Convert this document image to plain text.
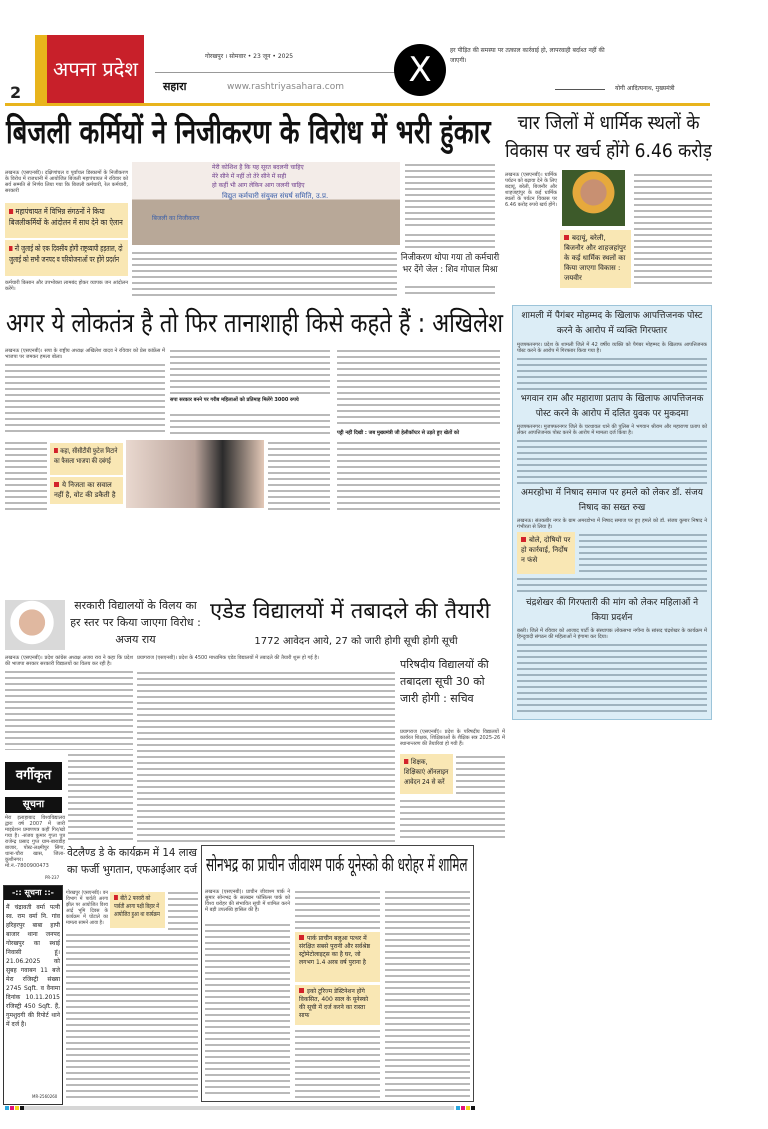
2
अपना प्रदेश
गोरखपुर । सोमवार • 23 जून • 2025
सहारा	www.rashtriyasahara.com	X	हर पीड़ित की समस्या पर तत्काल कार्रवाई हो, लापरवाही बर्दाश्त नहीं की जाएगी।
योगी आदित्यनाथ, मुख्यमंत्री
बिजली कर्मियों ने निजीकरण के विरोध में भरी हुंकार
लखनऊ (एसएनबी)। दक्षिणांचल व पूर्वांचल डिस्कामों के निजीकरण के विरोध में राजधानी में आयोजित बिजली महापंचायत में रविवार को सर्व सम्मति से निर्णय लिया गया कि बिजली कर्मचारी, रेल कर्मचारी, सरकारी
महापंचायत में विभिन्न संगठनों ने किया बिजलीकर्मियों के आंदोलन में साथ देने का ऐलान
नौ जुलाई को एक दिवसीय होगी राष्ट्रव्यापी हड़ताल, दो जुलाई को सभी जनपद व परियोजनाओं पर होंगे प्रदर्शन
कर्मचारी किसान और उपभोक्ता लामबंद होकर व्यापक जन आंदोलन करेंगे।
मेरी कोशिश है कि यह सूरत बदलनी चाहिए
मेरे सीने में नहीं तो तेरे सीने में सही
हो कहीं भी आग लेकिन आग जलनी चाहिए
विद्युत कर्मचारी संयुक्त संघर्ष समिति, उ.प्र.
बिजली का निजीकरण
निजीकरण थोपा गया तो कर्मचारी भर देंगे जेल : शिव गोपाल मिश्रा
चार जिलों में धार्मिक स्थलों के विकास पर खर्च होंगे 6.46 करोड़
लखनऊ (एसएनबी)। धार्मिक पर्यटन को बढ़ावा देने के लिए बदायूं, बरेली, बिजनौर और शाहजहांपुर के कई धार्मिक स्थलों के पर्यटन विकास पर 6.46 करोड़ रुपये खर्च होंगे।
बदायूं, बरेली, बिजनौर और शाहजहांपुर के कई धार्मिक स्थलों का किया जाएगा विकास : जयवीर
अगर ये लोकतंत्र है तो फिर तानाशाही किसे कहते हैं : अखिलेश
लखनऊ (एसएनबी)। सपा के राष्ट्रीय अध्यक्ष अखिलेश यादव ने रविवार को प्रेस कांफ्रेंस में भाजपा पर जमकर हमला बोला।
कहा, सीसीटीवी फुटेज मिटाने का फैसला भाजपा की दबंगई
ये निजता का सवाल नहीं है, वोट की डकैती है
सपा सरकार बनने पर गरीब महिलाओं को प्रतिमाह मिलेंगे 3000 रुपये
पट्टी नहीं दिखी : जब मुख्यमंत्री जी हेलीकॉप्टर से उड़ते हुए खेतों को
शामली में पैगंबर मोहम्मद के खिलाफ आपत्तिजनक पोस्ट करने के आरोप में व्यक्ति गिरफ्तार
मुजफ्फरनगर। प्रदेश के शामली जिले में 42 वर्षीय व्यक्ति को पैगंबर मोहम्मद के खिलाफ आपत्तिजनक पोस्ट करने के आरोप में गिरफ्तार किया गया है।
भगवान राम और महाराणा प्रताप के खिलाफ आपत्तिजनक पोस्ट करने के आरोप में दलित युवक पर मुकदमा
मुजफ्फरनगर। मुजफ्फरनगर जिले के चरथावल थाने की पुलिस ने भगवान श्रीराम और महाराणा प्रताप को लेकर आपत्तिजनक पोस्ट करने के आरोप में मामला दर्ज किया है।
अमरहोभा में निषाद समाज पर हमले को लेकर डॉ. संजय निषाद का सख्त रुख
लखनऊ। संतकबीर नगर के ग्राम अमरडोभा में निषाद समाज पर हुए हमले को डॉ. संजय कुमार निषाद ने गंभीरता से लिया है।
बोले, दोषियों पर हो कार्रवाई, निर्दोष न फंसे
चंद्रशेखर की गिरफ्तारी की मांग को लेकर महिलाओं ने किया प्रदर्शन
बस्ती। जिले में रविवार को आजाद पार्टी के संस्थापक लोकसभा नगीना के सांसद चंद्रशेखर के कार्यक्रम में हिन्दूवादी संगठन की महिलाओं ने हंगामा कर दिया।
सरकारी विद्यालयों के विलय का हर स्तर पर किया जाएगा विरोध : अजय राय
लखनऊ (एसएनबी)। प्रदेश कांग्रेस अध्यक्ष अजय राय ने कहा कि प्रदेश की भाजपा सरकार सरकारी विद्यालयों का विलय कर रही है।
एडेड विद्यालयों में तबादले की तैयारी
1772 आवेदन आये, 27 को जारी होगी सूची होगी सूची
प्रयागराज (एसएनबी)। प्रदेश के 4500 माध्यमिक एडेड विद्यालयों में तबादले की तैयारी शुरू हो गई है।	परिषदीय विद्यालयों की तबादला सूची 30 को जारी होगी : सचिव
प्रयागराज (एसएनबी)। प्रदेश के परिषदीय विद्यालयों में कार्यरत शिक्षक, शिक्षिकाओं के शैक्षिक सत्र 2025-26 में स्थानान्तरण की तैयारियां हो गयी हैं।
शिक्षक, शिक्षिकाएं ऑनलाइन आवेदन 24 से करें
वर्गीकृत
सूचना
मेरा इलाहाबाद विश्वविद्यालय द्वारा वर्ष 2007 में जारी माइग्रेशन प्रमाणपत्र कहीं गिर/खो गया है। -संजय कुमार गुप्ता पुत्र राजेन्द्र प्रसाद गुप्त ग्राम-बाराडीह बाजार, पोस्ट-लक्ष्मीपुर सिंगा, थाना-चौरा खास, जिला-कुशीनगर। मो.नं.-7800900473
PR-237
-:: सूचना ::-
मैं चंद्रावती वर्मा पत्नी स्व. राम वर्मा नि. गांव हरिहरपुर बाबा हापी बाजार थाना जनपद गोरखपुर का स्थाई निवासी हूं। 21.06.2025 को सुबह गवाबन 11 बजे मेरा रजिस्ट्री संख्या 2745 Sqft. व वैनामा दिनांक 10.11.2015 रजिस्ट्री 450 Sqft. हैं, गुमशुदगी की रिपोर्ट थाने में दर्ज है।
MR-2560260
वेटलैण्ड डे के कार्यक्रम में 14 लाख का फर्जी भुगतान, एफआईआर दर्ज
गोरखपुर (एसएनबी)। वन विभाग में पार्वती अरगा झील पर आयोजित विश्व आर्द्र भूमि दिवस के कार्यक्रम में घोटाले का मामला सामने आया है।
बीते 2 फरवरी को पार्वती अरगा पक्षी विहार में आयोजित हुआ था कार्यक्रम
सोनभद्र का प्राचीन जीवाश्म पार्क यूनेस्को की धरोहर में शामिल
लखनऊ (एसएनबी)। प्राचीन जीवाश्म पार्क ने सुमार सोनभद्र के सलखन फॉसिल्स पार्क को विश्व धरोहर की संभावित सूची में शामिल करने में बड़ी उपलब्धि हासिल की है।
पार्क प्राचीन बलुआ पत्थर में संरक्षित सबसे पुरानी और सर्वश्रेष्ठ स्ट्रोमेटोलाइट्स का है घर, जो लगभग 1.4 अरब वर्ष पुराना है
इको टूरिज्म डेस्टिनेशन होंगे विकसित, 400 साल के यूनेस्को की सूची में दर्ज करने का रास्ता साफ
